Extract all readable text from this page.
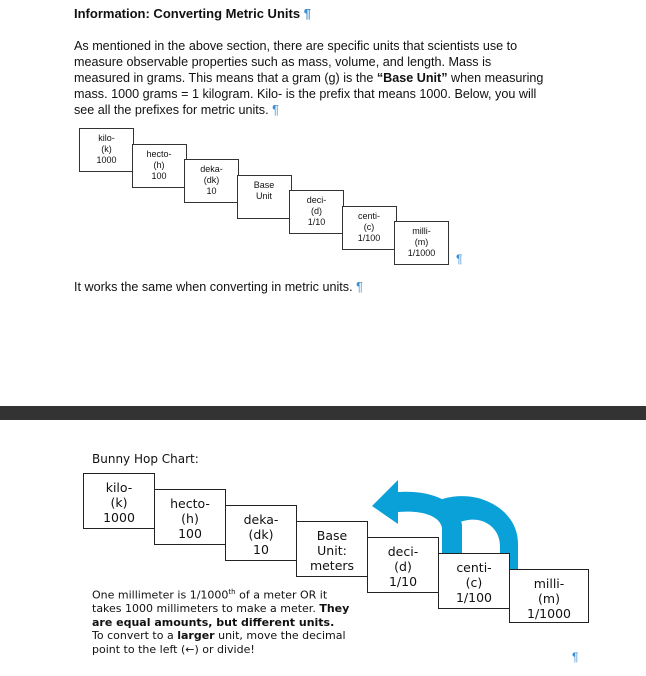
Information: Converting Metric Units ¶
As mentioned in the above section, there are specific units that scientists use to measure observable properties such as mass, volume, and length. Mass is measured in grams. This means that a gram (g) is the “Base Unit” when measuring mass. 1000 grams = 1 kilogram. Kilo- is the prefix that means 1000. Below, you will see all the prefixes for metric units. ¶
kilo-
(k)
1000
hecto-
(h)
100
deka-
(dk)
10
Base
Unit	deci-
(d)
1/10
centi-
(c)
1/100
milli-
(m)
1/1000	¶
It works the same when converting in metric units. ¶
Bunny Hop Chart:
kilo-
(k)
1000
hecto-
(h)
100
deka-
(dk)
10
Base
Unit:
meters
deci-
(d)
1/10
centi-
(c)
1/100
milli-
(m)
1/1000
One millimeter is 1/1000th of a meter OR it takes 1000 millimeters to make a meter. They are equal amounts, but different units.
To convert to a larger unit, move the decimal point to the left (←) or divide!
¶
